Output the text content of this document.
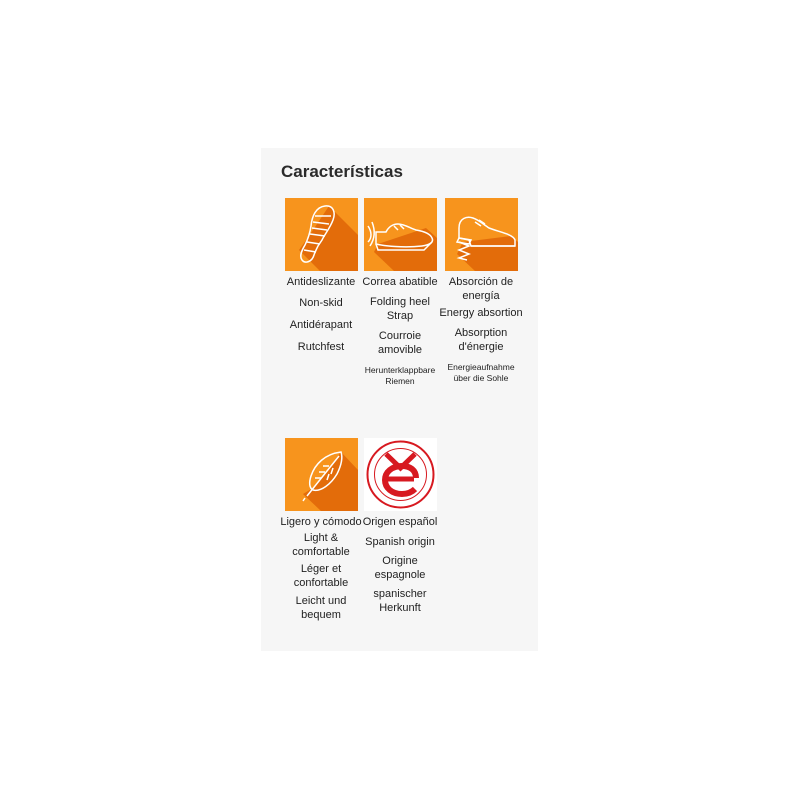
Características
Antideslizante
Non-skid
Antidérapant
Rutchfest
Correa abatible
Folding heel Strap
Courroie amovible
Herunterklappbare Riemen
Absorción de energía
Energy absortion
Absorption d'énergie
Energieaufnahme über die Sohle
Ligero y cómodo
Light & comfortable
Léger et confortable
Leicht und bequem
Origen español
Spanish origin
Origine espagnole
spanischer Herkunft
